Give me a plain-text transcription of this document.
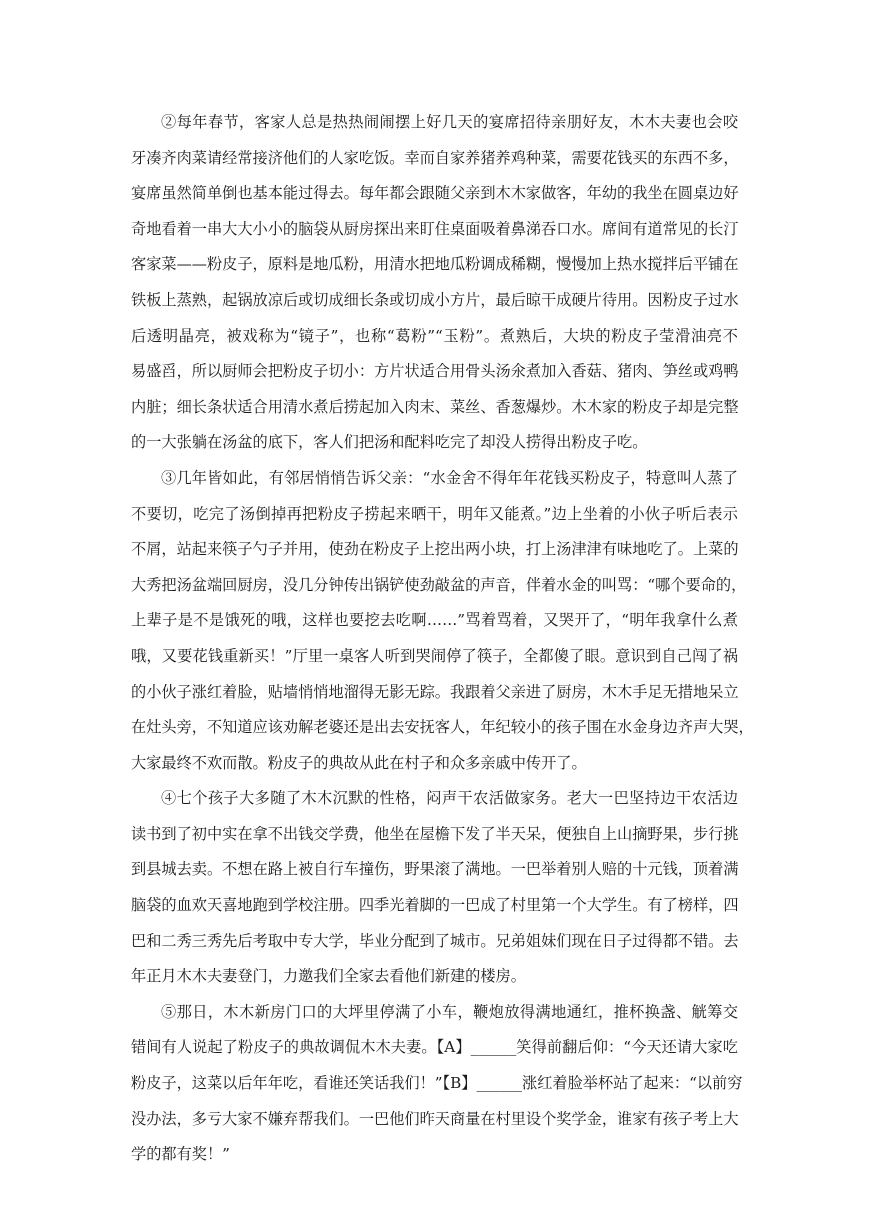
②每年春节，客家人总是热热闹闹摆上好几天的宴席招待亲朋好友，木木夫妻也会咬
牙凑齐肉菜请经常接济他们的人家吃饭。幸而自家养猪养鸡种菜，需要花钱买的东西不多，
宴席虽然简单倒也基本能过得去。每年都会跟随父亲到木木家做客，年幼的我坐在圆桌边好
奇地看着一串大大小小的脑袋从厨房探出来盯住桌面吸着鼻涕吞口水。席间有道常见的长汀
客家菜——粉皮子，原料是地瓜粉，用清水把地瓜粉调成稀糊，慢慢加上热水搅拌后平铺在
铁板上蒸熟，起锅放凉后或切成细长条或切成小方片，最后晾干成硬片待用。因粉皮子过水
后透明晶亮，被戏称为“镜子”，也称“葛粉”“玉粉”。煮熟后，大块的粉皮子莹滑油亮不
易盛舀，所以厨师会把粉皮子切小：方片状适合用骨头汤氽煮加入香菇、猪肉、笋丝或鸡鸭
内脏；细长条状适合用清水煮后捞起加入肉末、菜丝、香葱爆炒。木木家的粉皮子却是完整
的一大张躺在汤盆的底下，客人们把汤和配料吃完了却没人捞得出粉皮子吃。
③几年皆如此，有邻居悄悄告诉父亲：“水金舍不得年年花钱买粉皮子，特意叫人蒸了
不要切，吃完了汤倒掉再把粉皮子捞起来晒干，明年又能煮。”边上坐着的小伙子听后表示
不屑，站起来筷子勺子并用，使劲在粉皮子上挖出两小块，打上汤津津有味地吃了。上菜的
大秀把汤盆端回厨房，没几分钟传出锅铲使劲敲盆的声音，伴着水金的叫骂：“哪个要命的，
上辈子是不是饿死的哦，这样也要挖去吃啊……”骂着骂着，又哭开了，“明年我拿什么煮
哦，又要花钱重新买！”厅里一桌客人听到哭闹停了筷子，全都傻了眼。意识到自己闯了祸
的小伙子涨红着脸，贴墙悄悄地溜得无影无踪。我跟着父亲进了厨房，木木手足无措地呆立
在灶头旁，不知道应该劝解老婆还是出去安抚客人，年纪较小的孩子围在水金身边齐声大哭，
大家最终不欢而散。粉皮子的典故从此在村子和众多亲戚中传开了。
④七个孩子大多随了木木沉默的性格，闷声干农活做家务。老大一巴坚持边干农活边
读书到了初中实在拿不出钱交学费，他坐在屋檐下发了半天呆，便独自上山摘野果，步行挑
到县城去卖。不想在路上被自行车撞伤，野果滚了满地。一巴举着别人赔的十元钱，顶着满
脑袋的血欢天喜地跑到学校注册。四季光着脚的一巴成了村里第一个大学生。有了榜样，四
巴和二秀三秀先后考取中专大学，毕业分配到了城市。兄弟姐妹们现在日子过得都不错。去
年正月木木夫妻登门，力邀我们全家去看他们新建的楼房。
⑤那日，木木新房门口的大坪里停满了小车，鞭炮放得满地通红，推杯换盏、觥筹交
错间有人说起了粉皮子的典故调侃木木夫妻。【A】______笑得前翻后仰：“今天还请大家吃
粉皮子，这菜以后年年吃，看谁还笑话我们！”【B】______涨红着脸举杯站了起来：“以前穷
没办法，多亏大家不嫌弃帮我们。一巴他们昨天商量在村里设个奖学金，谁家有孩子考上大
学的都有奖！”
